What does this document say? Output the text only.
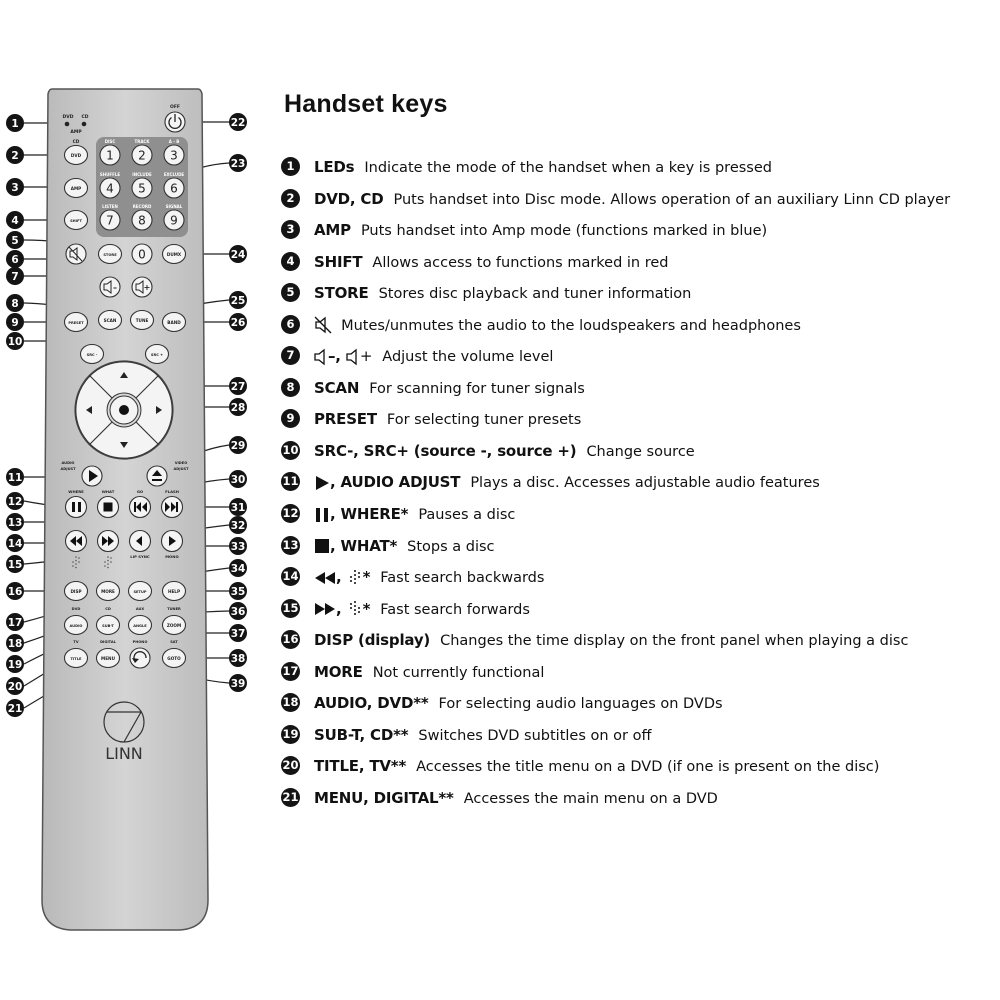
DVD CD
AMP
OFF
CD
DVD
AMP
SHIFT
DISC
1
TRACK
2
A - B
3
SHUFFLE
4
INCLUDE
5
EXCLUDE
6
LISTEN
7
RECORD
8
SIGNAL
9
STORE 0	DUMX
–	+
PRESET	SCAN	TUNE	BAND
SRC -	SRC +
AUDIO
ADJUST
VIDEO
ADJUST
WHERE	WHAT	GO	FLASH
LIP SYNC	MONO
DISP	MORE	SETUP	HELP
DVD	CD	AUX	TUNER
AUDIO	SUB-T	ANGLE	ZOOM
TV	DIGITAL	PHONO	SAT
TITLE	MENU	GOTO
LINN
1
2
3
4
5
6
7
8
9
10
11
12
13
14
15
16
17
18
19
20
21
22
23
24
25
26
27
28
29
30
31
32
33
34
35
36
37
38
39
Handset keys
1	LEDs Indicate the mode of the handset when a key is pressed
2	DVD, CD Puts handset into Disc mode. Allows operation of an auxiliary Linn CD player
3	AMP Puts handset into Amp mode (functions marked in blue)
4	SHIFT Allows access to functions marked in red
5	STORE Stores disc playback and tuner information
6	Mutes/unmutes the audio to the loudspeakers and headphones
7	–, + Adjust the volume level
8	SCAN For scanning for tuner signals
9	PRESET For selecting tuner presets
10 SRC-, SRC+ (source -, source +) Change source
11	, AUDIO ADJUST Plays a disc. Accesses adjustable audio features
12	, WHERE* Pauses a disc
13	, WHAT* Stops a disc
14	, * Fast search backwards
15	, * Fast search forwards
16 DISP (display) Changes the time display on the front panel when playing a disc
17 MORE Not currently functional
18 AUDIO, DVD** For selecting audio languages on DVDs
19 SUB-T, CD** Switches DVD subtitles on or off
20 TITLE, TV** Accesses the title menu on a DVD (if one is present on the disc)
21 MENU, DIGITAL** Accesses the main menu on a DVD
